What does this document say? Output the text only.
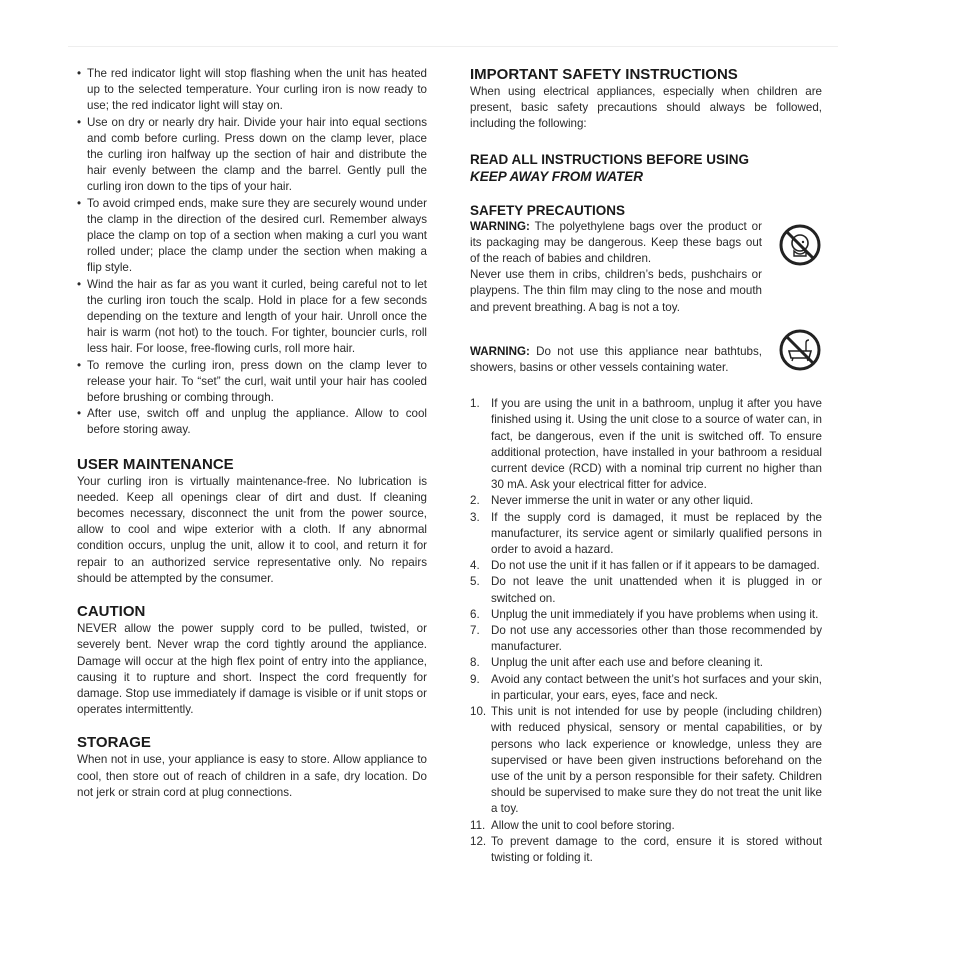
• The red indicator light will stop flashing when the unit has heated up to the selected temperature. Your curling iron is now ready to use; the red indicator light will stay on.
• Use on dry or nearly dry hair. Divide your hair into equal sections and comb before curling. Press down on the clamp lever, place the curling iron halfway up the section of hair and distribute the hair evenly between the clamp and the barrel. Gently pull the curling iron down to the tips of your hair.
• To avoid crimped ends, make sure they are securely wound under the clamp in the direction of the desired curl. Remember always place the clamp on top of a section when making a curl you want rolled under; place the clamp under the section when making a flip style.
• Wind the hair as far as you want it curled, being careful not to let the curling iron touch the scalp. Hold in place for a few seconds depending on the texture and length of your hair. Unroll once the hair is warm (not hot) to the touch. For tighter, bouncier curls, roll less hair. For loose, free-flowing curls, roll more hair.
• To remove the curling iron, press down on the clamp lever to release your hair. To “set” the curl, wait until your hair has cooled before brushing or combing through.
• After use, switch off and unplug the appliance. Allow to cool before storing away.
USER MAINTENANCE

Your curling iron is virtually maintenance-free. No lubrication is needed. Keep all openings clear of dirt and dust. If cleaning becomes necessary, disconnect the unit from the power source, allow to cool and wipe exterior with a cloth. If any abnormal condition occurs, unplug the unit, allow it to cool, and return it for repair to an authorized service representative only. No repairs should be attempted by the consumer.

CAUTION

NEVER allow the power supply cord to be pulled, twisted, or severely bent. Never wrap the cord tightly around the appliance. Damage will occur at the high flex point of entry into the appliance, causing it to rupture and short. Inspect the cord frequently for damage. Stop use immediately if damage is visible or if unit stops or operates intermittently.

STORAGE

When not in use, your appliance is easy to store. Allow appliance to cool, then store out of reach of children in a safe, dry location. Do not jerk or strain cord at plug connections.

IMPORTANT SAFETY INSTRUCTIONS

When using electrical appliances, especially when children are present, basic safety precautions should always be followed, including the following:

READ ALL INSTRUCTIONS BEFORE USING
KEEP AWAY FROM WATER
SAFETY PRECAUTIONS

WARNING: The polyethylene bags over the product or its packaging may be dangerous. Keep these bags out of the reach of babies and children.

Never use them in cribs, children’s beds, pushchairs or playpens. The thin film may cling to the nose and mouth and prevent breathing. A bag is not a toy.

WARNING: Do not use this appliance near bathtubs, showers, basins or other vessels containing water.

1. If you are using the unit in a bathroom, unplug it after you have finished using it. Using the unit close to a source of water can, in fact, be dangerous, even if the unit is switched off. To ensure additional protection, have installed in your bathroom a residual current device (RCD) with a nominal trip current no higher than 30 mA. Ask your electrical fitter for advice.
2. Never immerse the unit in water or any other liquid.
3. If the supply cord is damaged, it must be replaced by the manufacturer, its service agent or similarly qualified persons in order to avoid a hazard.
4. Do not use the unit if it has fallen or if it appears to be damaged.
5. Do not leave the unit unattended when it is plugged in or switched on.
6. Unplug the unit immediately if you have problems when using it.
7. Do not use any accessories other than those recommended by manufacturer.
8. Unplug the unit after each use and before cleaning it.
9. Avoid any contact between the unit’s hot surfaces and your skin, in particular, your ears, eyes, face and neck.
10. This unit is not intended for use by people (including children) with reduced physical, sensory or mental capabilities, or by persons who lack experience or knowledge, unless they are supervised or have been given instructions beforehand on the use of the unit by a person responsible for their safety. Children should be supervised to make sure they do not treat the unit like a toy.
11. Allow the unit to cool before storing.
12. To prevent damage to the cord, ensure it is stored without twisting or folding it.
